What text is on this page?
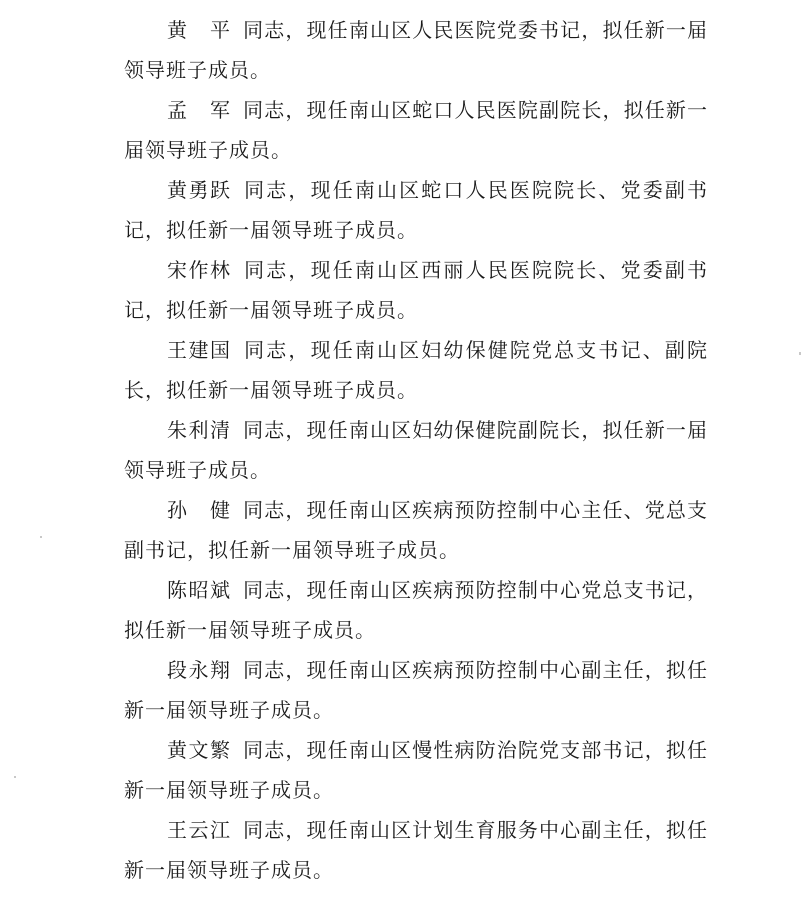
黄平 同志，现任南山区人民医院党委书记，拟任新一届领导班子成员。

孟军 同志，现任南山区蛇口人民医院副院长，拟任新一届领导班子成员。

黄勇跃 同志，现任南山区蛇口人民医院院长、党委副书记，拟任新一届领导班子成员。

宋作林 同志，现任南山区西丽人民医院院长、党委副书记，拟任新一届领导班子成员。

王建国 同志，现任南山区妇幼保健院党总支书记、副院长，拟任新一届领导班子成员。

朱利清 同志，现任南山区妇幼保健院副院长，拟任新一届领导班子成员。

孙健 同志，现任南山区疾病预防控制中心主任、党总支副书记，拟任新一届领导班子成员。

陈昭斌 同志，现任南山区疾病预防控制中心党总支书记，拟任新一届领导班子成员。

段永翔 同志，现任南山区疾病预防控制中心副主任，拟任新一届领导班子成员。

黄文繁 同志，现任南山区慢性病防治院党支部书记，拟任新一届领导班子成员。

王云江 同志，现任南山区计划生育服务中心副主任，拟任新一届领导班子成员。
